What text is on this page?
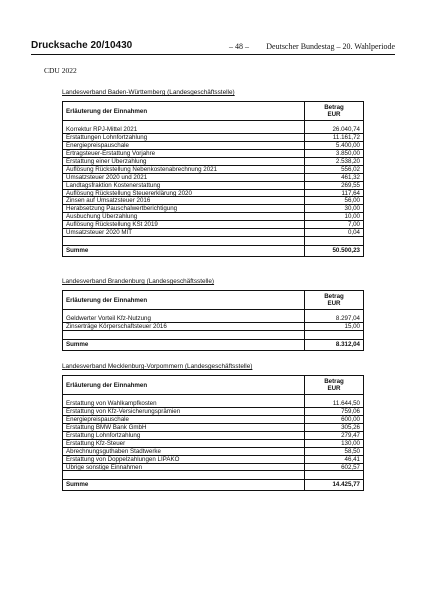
Drucksache 20/10430	– 48 – Deutscher Bundestag – 20. Wahlperiode
CDU 2022
Landesverband Baden-Württemberg (Landesgeschäftsstelle)
Erläuterung der Einnahmen	Betrag
EUR
Korrektur RPJ-Mittel 2021	26.040,74
Erstattungen Lohnfortzahlung	11.161,72
Energiepreispauschale	5.400,00
Ertragsteuer-Erstattung Vorjahre	3.850,00
Erstattung einer Überzahlung	2.538,20
Auflösung Rückstellung Nebenkostenabrechnung 2021	556,02
Umsatzsteuer 2020 und 2021	461,32
Landtagsfraktion Kostenerstattung	269,55
Auflösung Rückstellung Steuererklärung 2020	117,64
Zinsen auf Umsatzsteuer 2016	56,00
Herabsetzung Pauschalwertberichtigung	30,00
Ausbuchung Überzahlung	10,00
Auflösung Rückstellung KSt 2019	7,00
Umsatzsteuer 2020 MIT	0,04
Summe	50.500,23
Landesverband Brandenburg (Landesgeschäftsstelle)
Erläuterung der Einnahmen	Betrag
EUR
Geldwerter Vorteil Kfz-Nutzung	8.297,04
Zinserträge Körperschaftsteuer 2016	15,00
Summe	8.312,04
Landesverband Mecklenburg-Vorpommern (Landesgeschäftsstelle)
Erläuterung der Einnahmen	Betrag
EUR
Erstattung von Wahlkampfkosten	11.644,50
Erstattung von Kfz-Versicherungsprämien	759,06
Energiepreispauschale	600,00
Erstattung BMW Bank GmbH	305,26
Erstattung Lohnfortzahlung	279,47
Erstattung Kfz-Steuer	130,00
Abrechnungsguthaben Stadtwerke	58,50
Erstattung von Doppelzahlungen LIPAKO	46,41
Übrige sonstige Einnahmen	602,57
Summe	14.425,77
